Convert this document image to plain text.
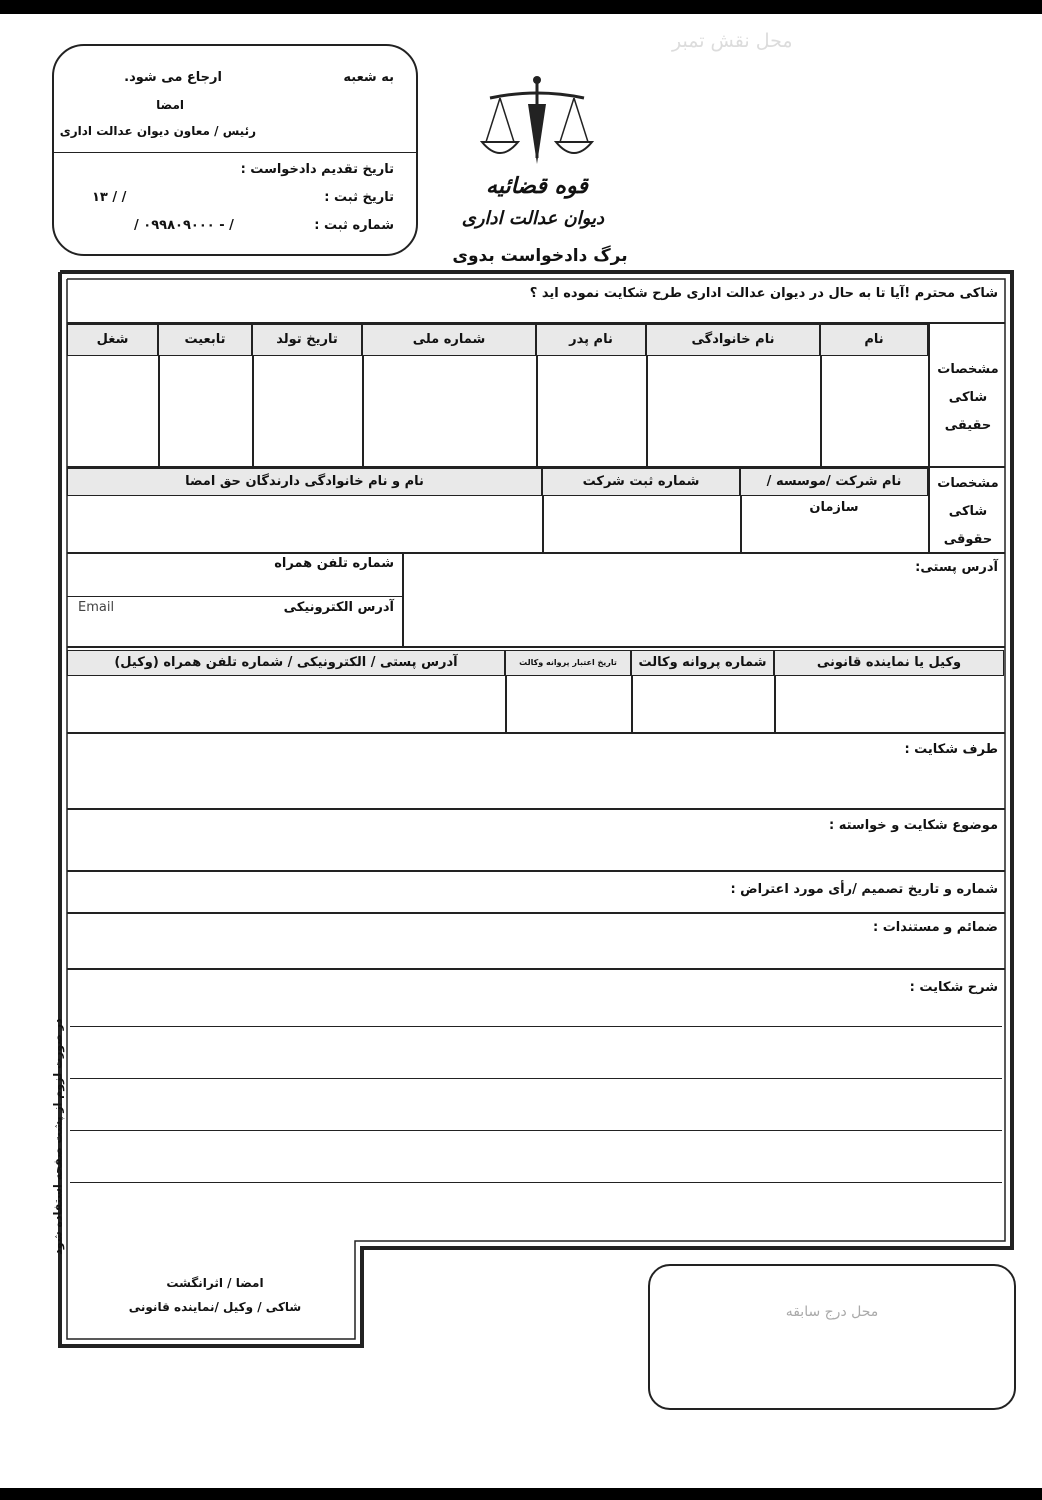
محل نقش تمبر
به شعبه
ارجاع می شود.
امضا
رئیس / معاون دیوان عدالت اداری
تاریخ تقدیم دادخواست :
تاریخ ثبت :
۱۳ / /
شماره ثبت :
/ ۰۹۹۸۰۹۰۰۰ - /
قوه قضائیه
دیوان عدالت اداری
برگ دادخواست بدوی
شاکی محترم !آیا تا به حال در دیوان عدالت اداری طرح شکایت نموده اید ؟
مشخصات شاکی حقیقی
نام
نام خانوادگی
نام پدر
شماره ملی
تاریخ تولد
تابعیت
شغل
مشخصات شاکی حقوقی
نام شرکت /موسسه / سازمان
شماره ثبت شرکت
نام و نام خانوادگی دارندگان حق امضا
آدرس پستی:
شماره تلفن همراه
آدرس الکترونیکی
Email
وکیل یا نماینده قانونی
شماره پروانه وکالت
تاریخ اعتبار پروانه وکالت
آدرس پستی / الکترونیکی / شماره تلفن همراه (وکیل)
طرف شکایت :
موضوع شکایت و خواسته :
شماره و تاریخ تصمیم /رأی مورد اعتراض :
ضمائم و مستندات :
شرح شکایت :
امضا / اثرانگشت
شاکی / وکیل /نماینده قانونی
در صورت لزوم از پشت صفحه استفاده شود
محل درج سابقه
